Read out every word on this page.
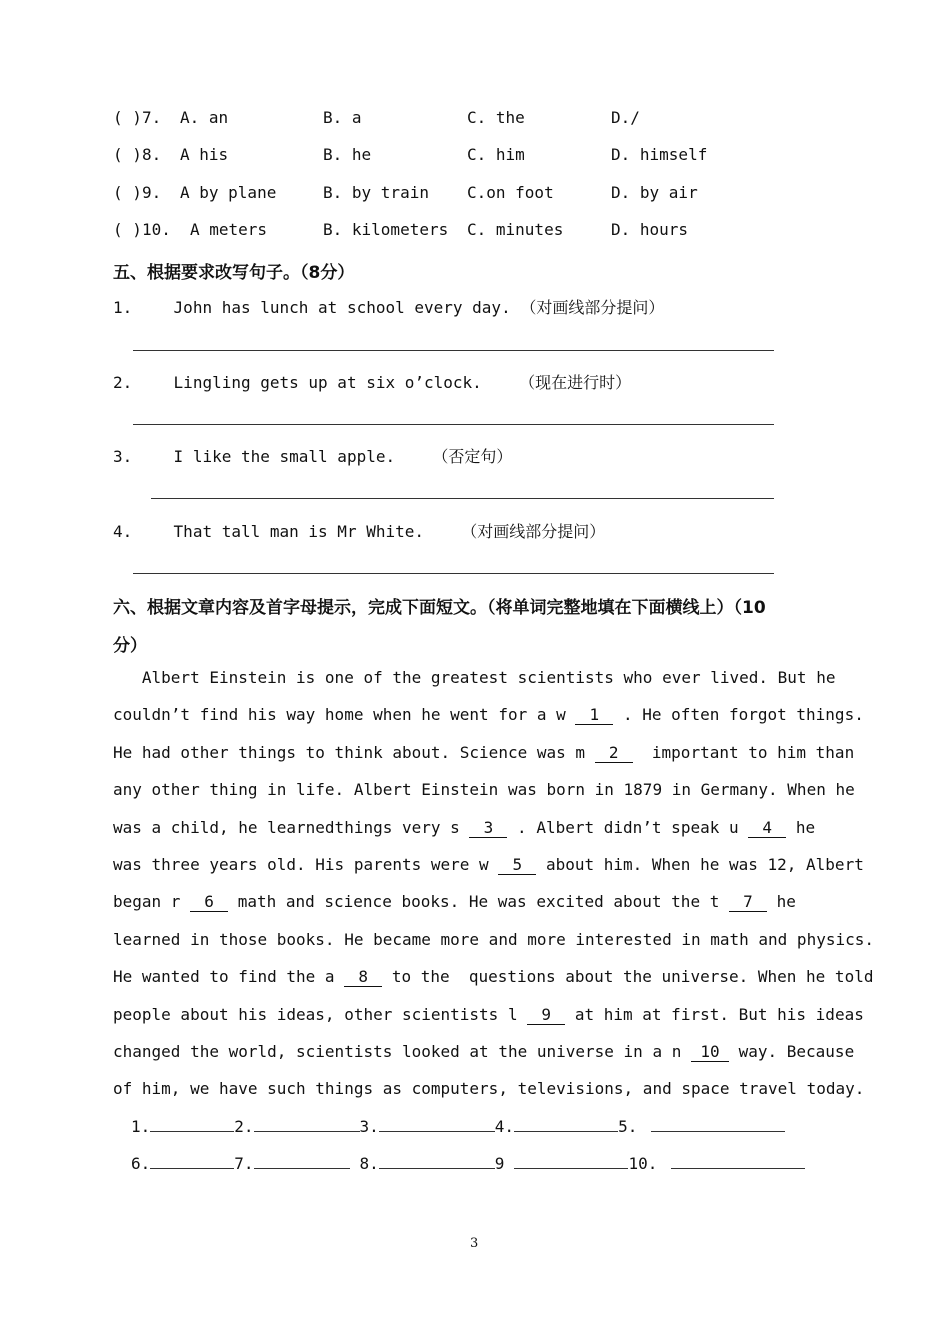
( ) 7. A. an	B. a	C. the	D./
( ) 8. A his	B. he	C. him	D. himself
( ) 9. A by plane	B. by train C.on foot	D. by air
( ) 10. A meters	B. kilometers C. minutes	D. hours
五、根据要求改写句子。（8分）
1.	John has lunch at school every day. （对画线部分提问）
2.	Lingling gets up at six o’clock. （现在进行时）
3.	I like the small apple. （否定句）
4.	That tall man is Mr White. （对画线部分提问）
六、根据文章内容及首字母提示，完成下面短文。（将单词完整地填在下面横线上）（10
分）
Albert Einstein is one of the greatest scientists who ever lived. But he
couldn’t find his way home when he went for a w 1 . He often forgot things.
He had other things to think about. Science was m 2  important to him than
any other thing in life. Albert Einstein was born in 1879 in Germany. When he
was a child, he learnedthings very s 3 . Albert didn’t speak u 4 he
was three years old. His parents were w 5 about him. When he was 12, Albert
began r 6 math and science books. He was excited about the t 7 he
learned in those books. He became more and more interested in math and physics.
He wanted to find the a 8 to the  questions about the universe. When he told
people about his ideas, other scientists l 9 at him at first. But his ideas
changed the world, scientists looked at the universe in a n 10 way. Because
of him, we have such things as computers, televisions, and space travel today.
1.	2.	3.	4.	5.
6.	7.	8.	9	10.
3
